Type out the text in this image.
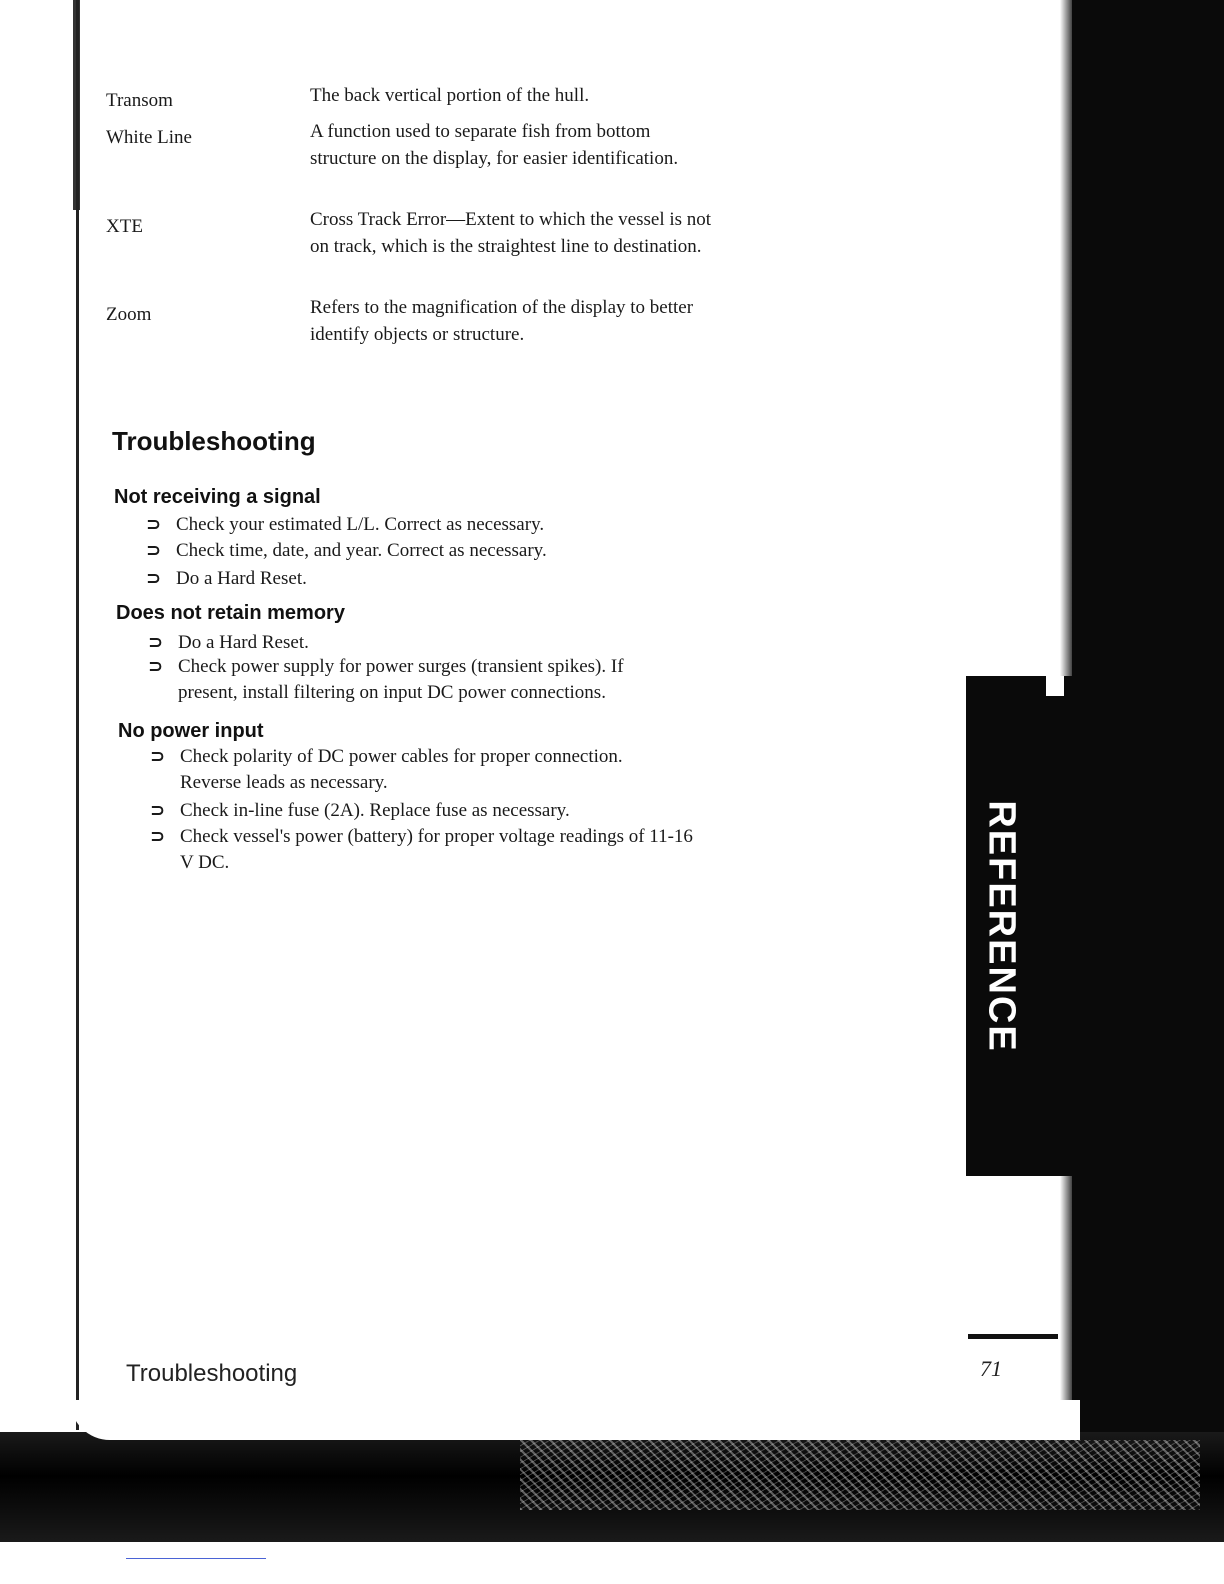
REFERENCE
Transom	The back vertical portion of the hull.
White Line	A function used to separate fish from bottom structure on the display, for easier identification.
XTE	Cross Track Error—Extent to which the vessel is not on track, which is the straightest line to destination.
Zoom	Refers to the magnification of the display to better identify objects or structure.
Troubleshooting
Not receiving a signal
⊃ Check your estimated L/L. Correct as necessary.
⊃ Check time, date, and year. Correct as necessary.
⊃ Do a Hard Reset.
Does not retain memory
⊃ Do a Hard Reset.
⊃ Check power supply for power surges (transient spikes). If present, install filtering on input DC power connections.
No power input
⊃ Check polarity of DC power cables for proper connection. Reverse leads as necessary.
⊃ Check in-line fuse (2A). Replace fuse as necessary.
⊃ Check vessel's power (battery) for proper voltage readings of 11-16 V DC.

Troubleshooting	71
